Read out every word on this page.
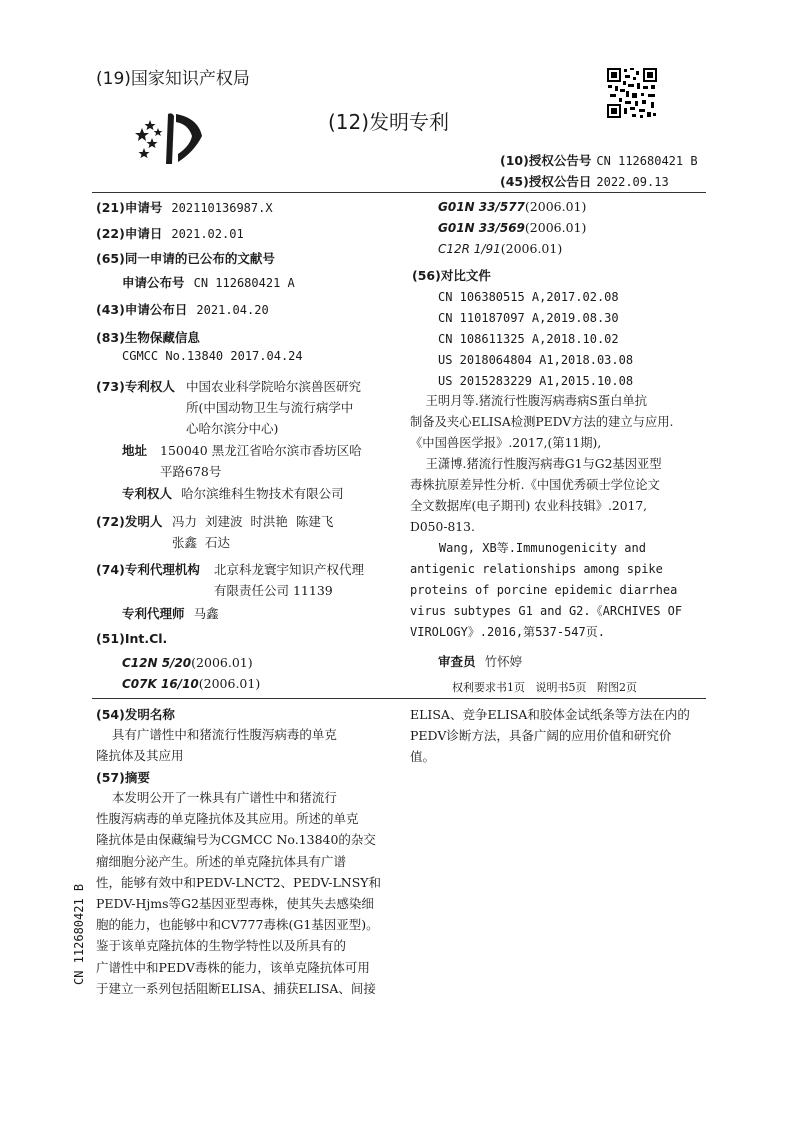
(19)国家知识产权局
(12)发明专利
(10)授权公告号 CN 112680421 B
(45)授权公告日 2022.09.13
(21)申请号 202110136987.X
(22)申请日 2021.02.01
(65)同一申请的已公布的文献号
申请公布号 CN 112680421 A
(43)申请公布日 2021.04.20
(83)生物保藏信息
CGMCC No.13840 2017.04.24
(73)专利权人 中国农业科学院哈尔滨兽医研究
所(中国动物卫生与流行病学中
心哈尔滨分中心)
地址 150040 黑龙江省哈尔滨市香坊区哈
平路678号
专利权人 哈尔滨维科生物技术有限公司
(72)发明人 冯力  刘建波  时洪艳  陈建飞
张鑫  石达
(74)专利代理机构 北京科龙寰宇知识产权代理
有限责任公司 11139
专利代理师 马鑫
(51)Int.Cl.
C12N 5/20(2006.01)
C07K 16/10(2006.01)
G01N 33/577(2006.01)
G01N 33/569(2006.01)
C12R 1/91(2006.01)
(56)对比文件
CN 106380515 A,2017.02.08
CN 110187097 A,2019.08.30
CN 108611325 A,2018.10.02
US 2018064804 A1,2018.03.08
US 2015283229 A1,2015.10.08
王明月等.猪流行性腹泻病毒病S蛋白单抗
制备及夹心ELISA检测PEDV方法的建立与应用.
《中国兽医学报》.2017,(第11期),
王潇博.猪流行性腹泻病毒G1与G2基因亚型
毒株抗原差异性分析.《中国优秀硕士学位论文
全文数据库(电子期刊) 农业科技辑》.2017,
D050-813.
Wang, XB等.Immunogenicity and
antigenic relationships among spike
proteins of porcine epidemic diarrhea
virus subtypes G1 and G2.《ARCHIVES OF
VIROLOGY》.2016,第537-547页.
审查员 竹怀婷
权利要求书1页   说明书5页   附图2页
(54)发明名称
具有广谱性中和猪流行性腹泻病毒的单克
隆抗体及其应用
(57)摘要
本发明公开了一株具有广谱性中和猪流行
性腹泻病毒的单克隆抗体及其应用。所述的单克
隆抗体是由保藏编号为CGMCC No.13840的杂交
瘤细胞分泌产生。所述的单克隆抗体具有广谱
性，能够有效中和PEDV-LNCT2、PEDV-LNSY和
PEDV-Hjms等G2基因亚型毒株，使其失去感染细
胞的能力，也能够中和CV777毒株(G1基因亚型)。
鉴于该单克隆抗体的生物学特性以及所具有的
广谱性中和PEDV毒株的能力，该单克隆抗体可用
于建立一系列包括阻断ELISA、捕获ELISA、间接
ELISA、竞争ELISA和胶体金试纸条等方法在内的
PEDV诊断方法，具备广阔的应用价值和研究价
值。
CN 112680421 B
